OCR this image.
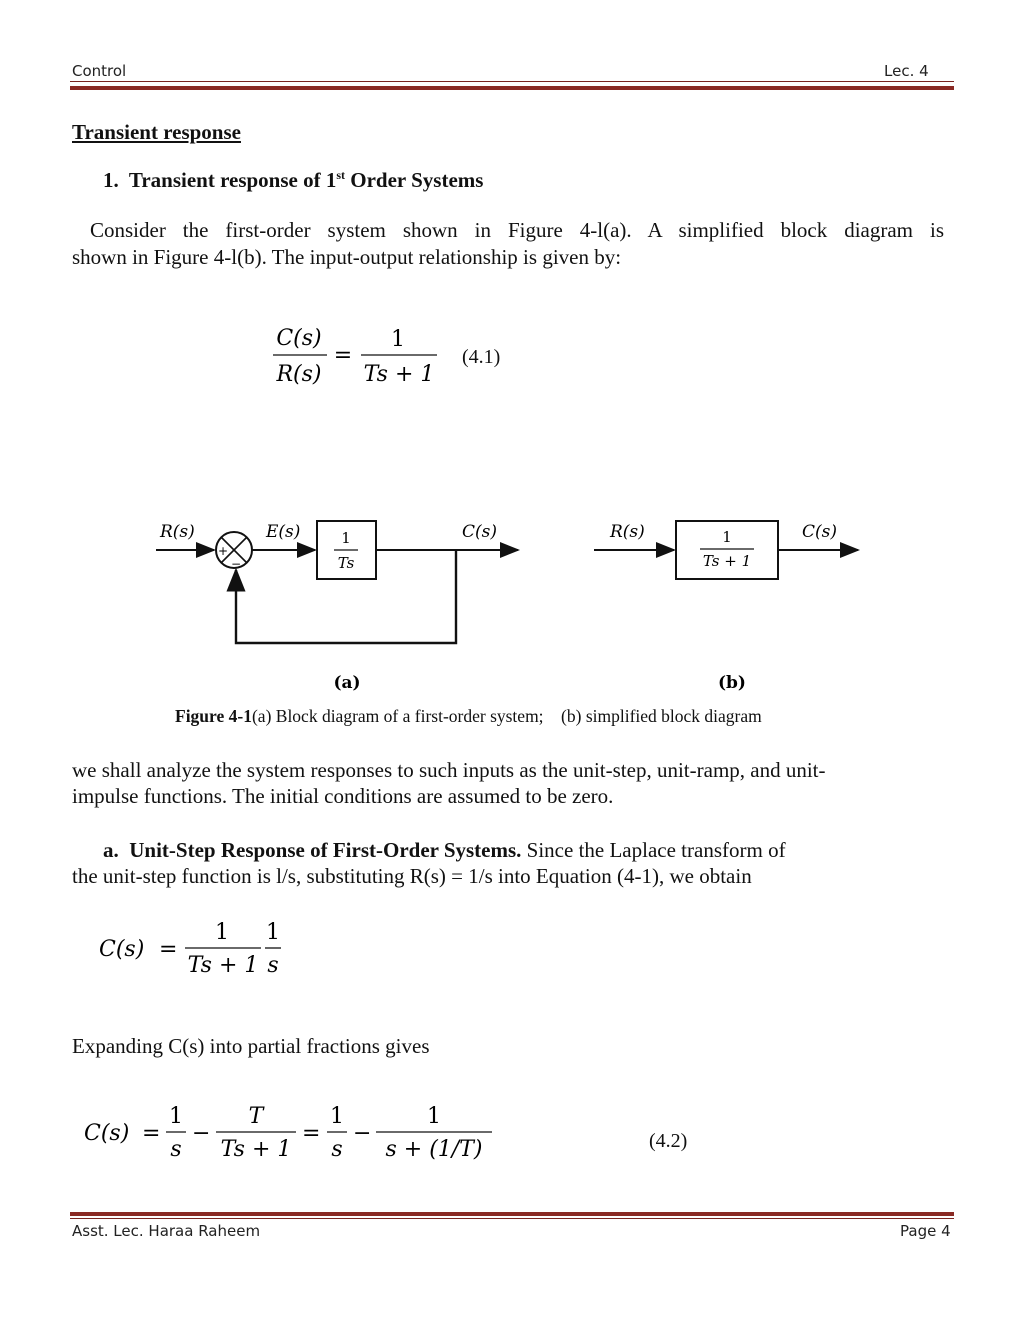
Control	Lec. 4
Transient response
1. Transient response of 1st Order Systems
Consider the first-order system shown in Figure 4-l(a). A simplified block diagram is
shown in Figure 4-l(b). The input-output relationship is given by:
C(s)
R(s)
=
1
Ts + 1
(4.1)
R(s)
+
−
E(s)	1
Ts
C(s)
(a)
R(s)	1
Ts + 1
C(s)
(b)
Figure 4-1(a) Block diagram of a first-order system;    (b) simplified block diagram
we shall analyze the system responses to such inputs as the unit-step, unit-ramp, and unit-
impulse functions. The initial conditions are assumed to be zero.
a. Unit-Step Response of First-Order Systems. Since the Laplace transform of
the unit-step function is l/s, substituting R(s) = 1/s into Equation (4-1), we obtain
C(s) =
1
Ts + 1
1
s
Expanding C(s) into partial fractions gives
C(s) =
1
s
−
T
Ts + 1
=
1
s
−
1
s + (1/T)	(4.2)
Asst. Lec. Haraa Raheem	Page 4
